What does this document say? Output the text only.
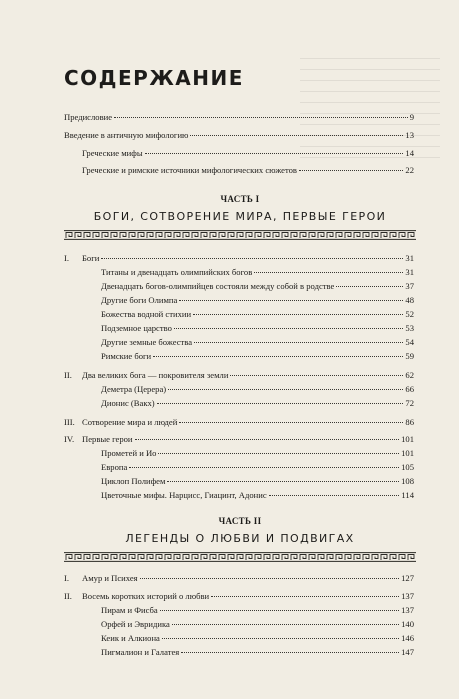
СОДЕРЖАНИЕ
Предисловие	9
Введение в античную мифологию	13
Греческие мифы	14
Греческие и римские источники мифологических сюжетов	22
ЧАСТЬ I
БОГИ, СОТВОРЕНИЕ МИРА, ПЕРВЫЕ ГЕРОИ
I.	Боги	31
Титаны и двенадцать олимпийских богов	31
Двенадцать богов-олимпийцев состояли между собой в родстве	37
Другие боги Олимпа	48
Божества водной стихии	52
Подземное царство	53
Другие земные божества	54
Римские боги	59
II.	Два великих бога — покровителя земли	62
Деметра (Церера)	66
Дионис (Вакх)	72
III. Сотворение мира и людей	86
IV. Первые герои	101
Прометей и Ио	101
Европа	105
Циклоп Полифем	108
Цветочные мифы. Нарцисс, Гиацинт, Адонис	114
ЧАСТЬ II
ЛЕГЕНДЫ О ЛЮБВИ И ПОДВИГАХ
I.	Амур и Психея	127
II.	Восемь коротких историй о любви	137
Пирам и Фисба	137
Орфей и Эвридика	140
Кеик и Алкиона	146
Пигмалион и Галатея	147
